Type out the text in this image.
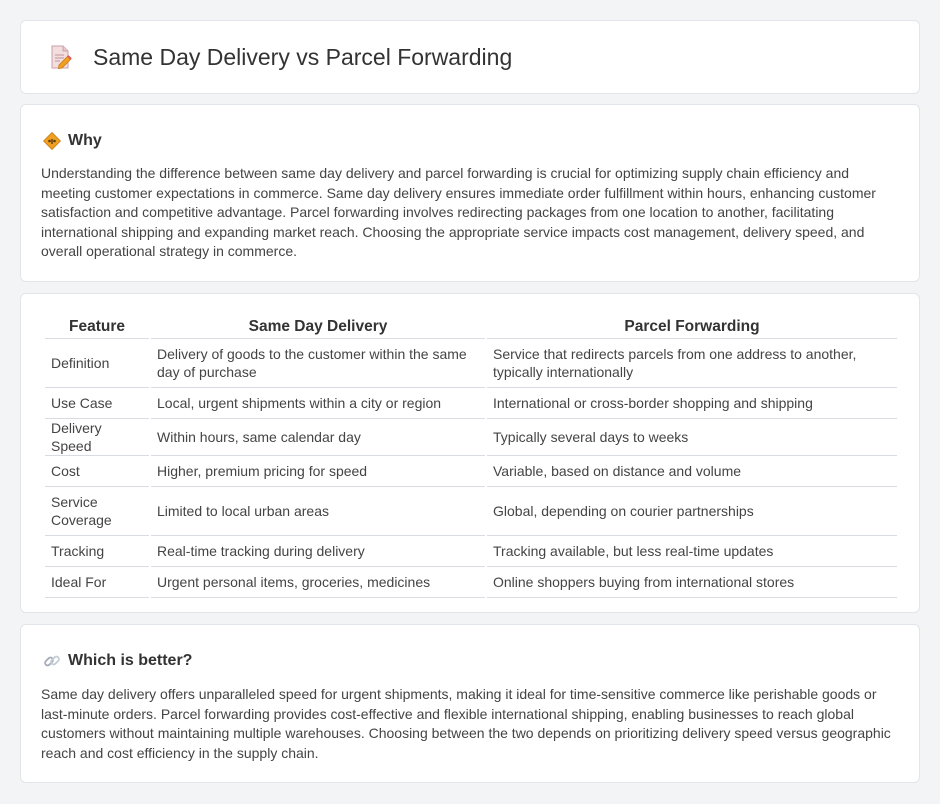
Same Day Delivery vs Parcel Forwarding
Why

Understanding the difference between same day delivery and parcel forwarding is crucial for optimizing supply chain efficiency and meeting customer expectations in commerce. Same day delivery ensures immediate order fulfillment within hours, enhancing customer satisfaction and competitive advantage. Parcel forwarding involves redirecting packages from one location to another, facilitating international shipping and expanding market reach. Choosing the appropriate service impacts cost management, delivery speed, and overall operational strategy in commerce.

Feature	Same Day Delivery	Parcel Forwarding
Definition	Delivery of goods to the customer within the same day of purchase	Service that redirects parcels from one address to another, typically internationally
Use Case	Local, urgent shipments within a city or region	International or cross-border shopping and shipping
Delivery Speed	Within hours, same calendar day	Typically several days to weeks
Cost	Higher, premium pricing for speed	Variable, based on distance and volume
Service Coverage	Limited to local urban areas	Global, depending on courier partnerships
Tracking	Real-time tracking during delivery	Tracking available, but less real-time updates
Ideal For	Urgent personal items, groceries, medicines	Online shoppers buying from international stores
Which is better?

Same day delivery offers unparalleled speed for urgent shipments, making it ideal for time-sensitive commerce like perishable goods or last-minute orders. Parcel forwarding provides cost-effective and flexible international shipping, enabling businesses to reach global customers without maintaining multiple warehouses. Choosing between the two depends on prioritizing delivery speed versus geographic reach and cost efficiency in the supply chain.
